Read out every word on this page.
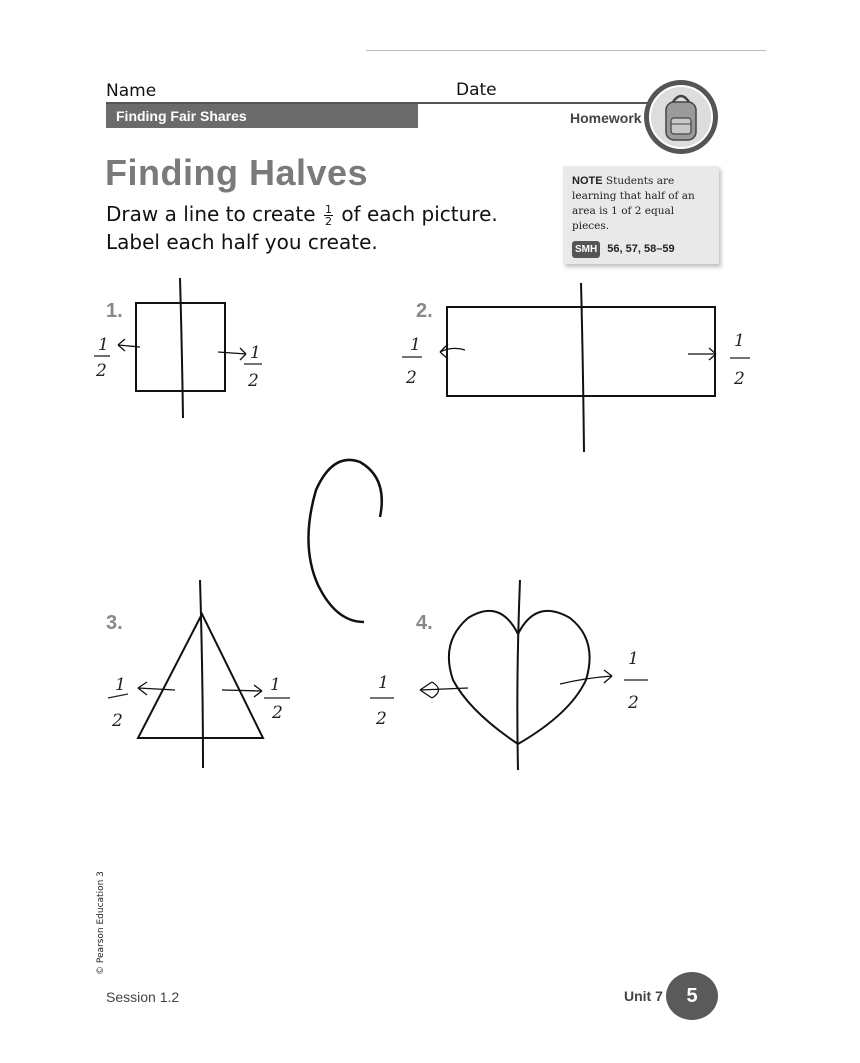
Name	Date
Finding Fair Shares	Homework
Finding Halves
Draw a line to create $\frac{1}{2}$ of each picture.
Label each half you create.
NOTE Students are learning that half of an area is 1 of 2 equal pieces.
SMH 56, 57, 58–59
1.	2.
3.	4.
1
2
1
2
1
2
1
2
1
2
1
2
1
2
1
2
© Pearson Education 3
Session 1.2	Unit 7	5
